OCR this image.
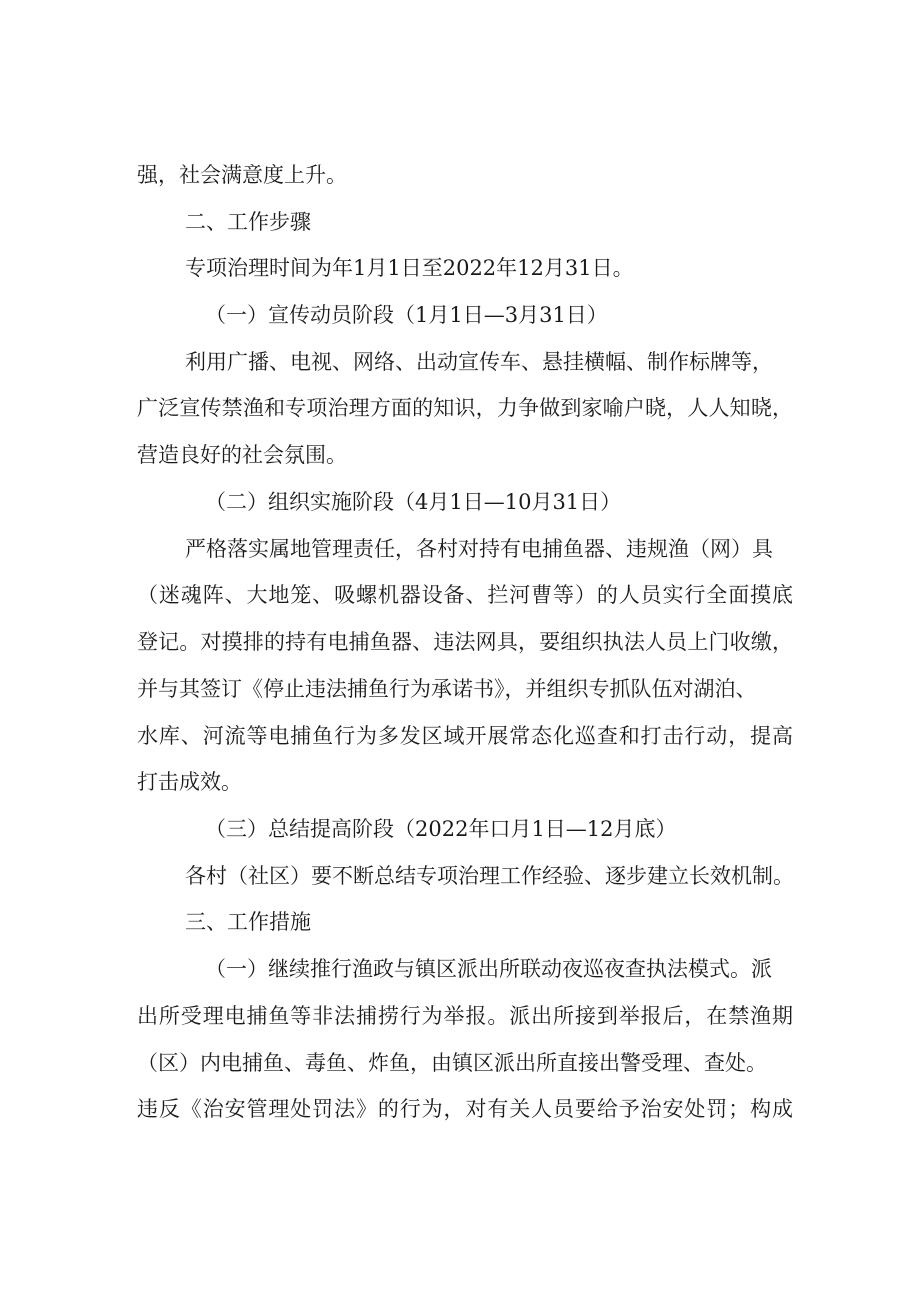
强，社会满意度上升。
二、工作步骤
专项治理时间为年1月1日至2022年12月31日。
（一）宣传动员阶段（1月1日—3月31日）
利用广播、电视、网络、出动宣传车、悬挂横幅、制作标牌等，
广泛宣传禁渔和专项治理方面的知识，力争做到家喻户晓，人人知晓，
营造良好的社会氛围。
（二）组织实施阶段（4月1日—10月31日）
严格落实属地管理责任，各村对持有电捕鱼器、违规渔（网）具
（迷魂阵、大地笼、吸螺机器设备、拦河曹等）的人员实行全面摸底
登记。对摸排的持有电捕鱼器、违法网具，要组织执法人员上门收缴，
并与其签订《停止违法捕鱼行为承诺书》，并组织专抓队伍对湖泊、
水库、河流等电捕鱼行为多发区域开展常态化巡查和打击行动，提高
打击成效。
（三）总结提高阶段（2022年口月1日—12月底）
各村（社区）要不断总结专项治理工作经验、逐步建立长效机制。
三、工作措施
（一）继续推行渔政与镇区派出所联动夜巡夜查执法模式。派
出所受理电捕鱼等非法捕捞行为举报。派出所接到举报后，在禁渔期
（区）内电捕鱼、毒鱼、炸鱼，由镇区派出所直接出警受理、查处。
违反《治安管理处罚法》的行为，对有关人员要给予治安处罚；构成
